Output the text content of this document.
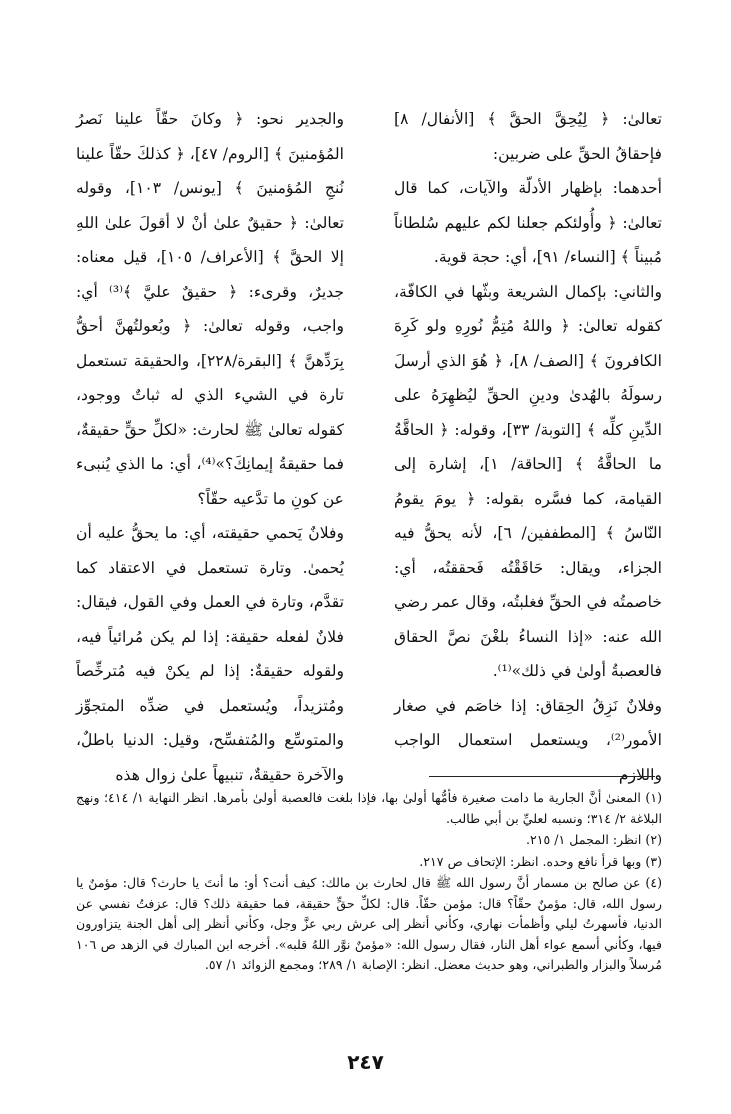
تعالىٰ: ﴿ لِيُحِقَّ الحقَّ ﴾ [الأنفال/ ٨] فإحقاقُ الحقِّ على ضربين:

أحدهما: بإظهار الأدلّة والآيات، كما قال تعالىٰ: ﴿ وأُولئكم جعلنا لكم عليهم سُلطاناً مُبيناً ﴾ [النساء/ ٩١]، أي: حجة قوية.

والثاني: بإكمال الشريعة وبثّها في الكافّة، كقوله تعالىٰ: ﴿ واللهُ مُتِمُّ نُورِهِ ولو كَرِهَ الكافرونَ ﴾ [الصف/ ٨]، ﴿ هُوَ الذي أرسلَ رسولَهُ بالهُدىٰ ودينِ الحقِّ ليُظهِرَهُ على الدِّينِ كلِّه ﴾ [التوبة/ ٣٣]، وقوله: ﴿ الحاقَّةُ ما الحاقَّةُ ﴾ [الحاقة/ ١]، إشارة إلى القيامة، كما فسَّره بقوله: ﴿ يومَ يقومُ النّاسُ ﴾ [المطففين/ ٦]، لأنه يحقُّ فيه الجزاء، ويقال: حَاقَقْتُه فَحققتُه، أي: خاصمتُه في الحقِّ فغلبتُه، وقال عمر رضي الله عنه: «إذا النساءُ بلغْنَ نصَّ الحقاق فالعصبةُ أولىٰ في ذلك»⁽¹⁾.

وفلانٌ نَزِقُ الحِقاق: إذا خاصَم في صغار الأمور⁽²⁾، ويستعمل استعمال الواجب واللازم

والجدير نحو: ﴿ وكانَ حقّاً علينا نَصرُ المُؤمنينَ ﴾ [الروم/ ٤٧]، ﴿ كذلكَ حقّاً علينا نُنجِ المُؤمنينَ ﴾ [يونس/ ١٠٣]، وقوله تعالىٰ: ﴿ حقيقٌ علىٰ أنْ لا أقولَ علىٰ اللهِ إلا الحقَّ ﴾ [الأعراف/ ١٠٥]، قيل معناه: جديرٌ، وقرىء: ﴿ حقيقٌ عليَّ ﴾⁽³⁾ أي: واجب، وقوله تعالىٰ: ﴿ وبُعولتُهنَّ أحقُّ بِرَدِّهنَّ ﴾ [البقرة/٢٢٨]، والحقيقة تستعمل تارة في الشيء الذي له ثباتٌ ووجود، كقوله تعالىٰ ﷺ لحارث: «لكلِّ حقٍّ حقيقةٌ، فما حقيقةُ إيمانِكَ؟»⁽⁴⁾، أي: ما الذي يُنبىء عن كونِ ما تدَّعيه حقّاً؟

وفلانٌ يَحمي حقيقته، أي: ما يحقُّ عليه أن يُحمىٰ. وتارة تستعمل في الاعتقاد كما تقدَّم، وتارة في العمل وفي القول، فيقال: فلانٌ لفعله حقيقة: إذا لم يكن مُرائياً فيه، ولقوله حقيقةٌ: إذا لم يكنْ فيه مُترخِّصاً ومُتزيداً، ويُستعمل في ضدِّه المتجوِّز والمتوسِّع والمُتفسِّح، وقيل: الدنيا باطلٌ، والآخرة حقيقةٌ، تنبيهاً علىٰ زوال هذه

(١) المعنىٰ أنَّ الجارية ما دامت صغيرة فأمُّها أولىٰ بها، فإذا بلغت فالعصبة أولىٰ بأمرها. انظر النهاية ١/ ٤١٤؛ ونهج البلاغة ٢/ ٣١٤؛ ونسبه لعليِّ بن أبي طالب.

(٢) انظر: المجمل ١/ ٢١٥.

(٣) وبها قرأ نافع وحده. انظر: الإتحاف ص ٢١٧.

(٤) عن صالح بن مسمار أنَّ رسول الله ﷺ قال لحارث بن مالك: كيف أنت؟ أو: ما أنتَ يا حارث؟ قال: مؤمنٌ يا رسول الله، قال: مؤمنٌ حقّاً؟ قال: مؤمن حقّاً. قال: لكلِّ حقٍّ حقيقة، فما حقيقة ذلك؟ قال: عزفتُ نفسي عن الدنيا، فأسهرتُ ليلي وأظمأت نهاري، وكأني أنظر إلى عرش ربي عزَّ وجل، وكأني أنظر إلى أهل الجنة يتزاورون فيها، وكأني أسمع عواء أهل النار، فقال رسول الله: «مؤمنٌ نوَّر اللهُ قلبه». أخرجه ابن المبارك في الزهد ص ١٠٦ مُرسلاً والبزار والطبراني، وهو حديث معضل. انظر: الإصابة ١/ ٢٨٩؛ ومجمع الزوائد ١/ ٥٧.

٢٤٧
